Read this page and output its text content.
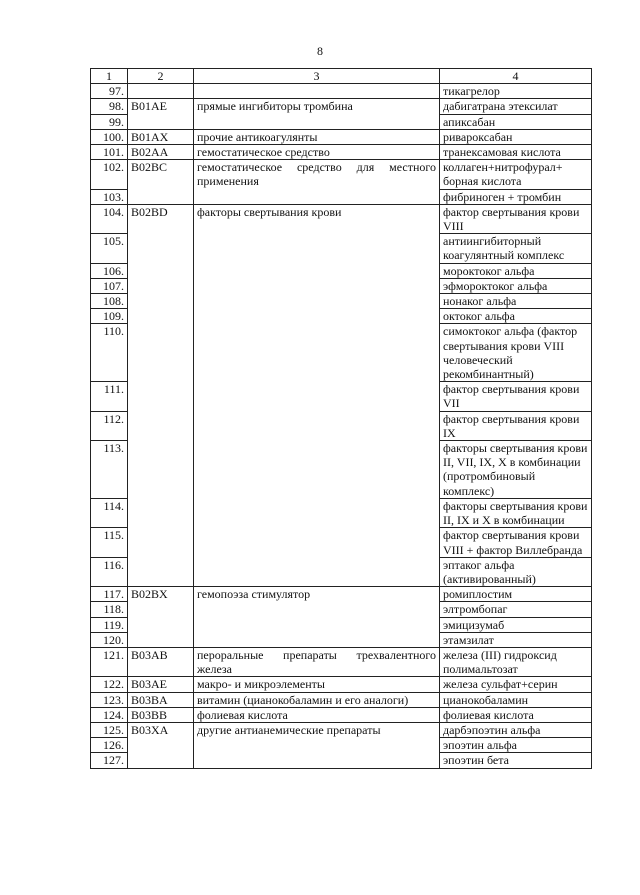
8
1	2	3	4
97.			тикагрелор
98.	B01AE	прямые ингибиторы тромбина	дабигатрана этексилат
99.			апиксабан
100.	B01AX	прочие антикоагулянты	ривароксабан
101.	B02AA	гемостатическое средство	транексамовая кислота
102.	B02BC	гемостатическое средство для местного применения	коллаген+нитрофурал+ борная кислота
103.			фибриноген + тромбин
104.	B02BD	факторы свертывания крови	фактор свертывания крови VIII
105.			антиингибиторный коагулянтный комплекс
106.			мороктоког альфа
107.			эфмороктоког альфа
108.			нонаког альфа
109.			октоког альфа
110.			симоктоког альфа (фактор свертывания крови VIII человеческий рекомбинантный)
111.			фактор свертывания крови VII
112.			фактор свертывания крови IX
113.			факторы свертывания крови II, VII, IX, X в комбинации (протромбиновый комплекс)
114.			факторы свертывания крови II, IX и X в комбинации
115.			фактор свертывания крови VIII + фактор Виллебранда
116.			эптаког альфа (активированный)
117.	B02BX	гемопоэза стимулятор	ромиплостим
118.			элтромбопаг
119.			эмицизумаб
120.			этамзилат
121.	B03AB	пероральные препараты трехвалентного железа	железа (III) гидроксид полимальтозат
122.	B03AE	макро- и микроэлементы	железа сульфат+серин
123.	B03BA	витамин (цианокобаламин и его аналоги)	цианокобаламин
124.	B03BB	фолиевая кислота	фолиевая кислота
125.	B03XA	другие антианемические препараты	дарбэпоэтин альфа
126.			эпоэтин альфа
127.			эпоэтин бета
